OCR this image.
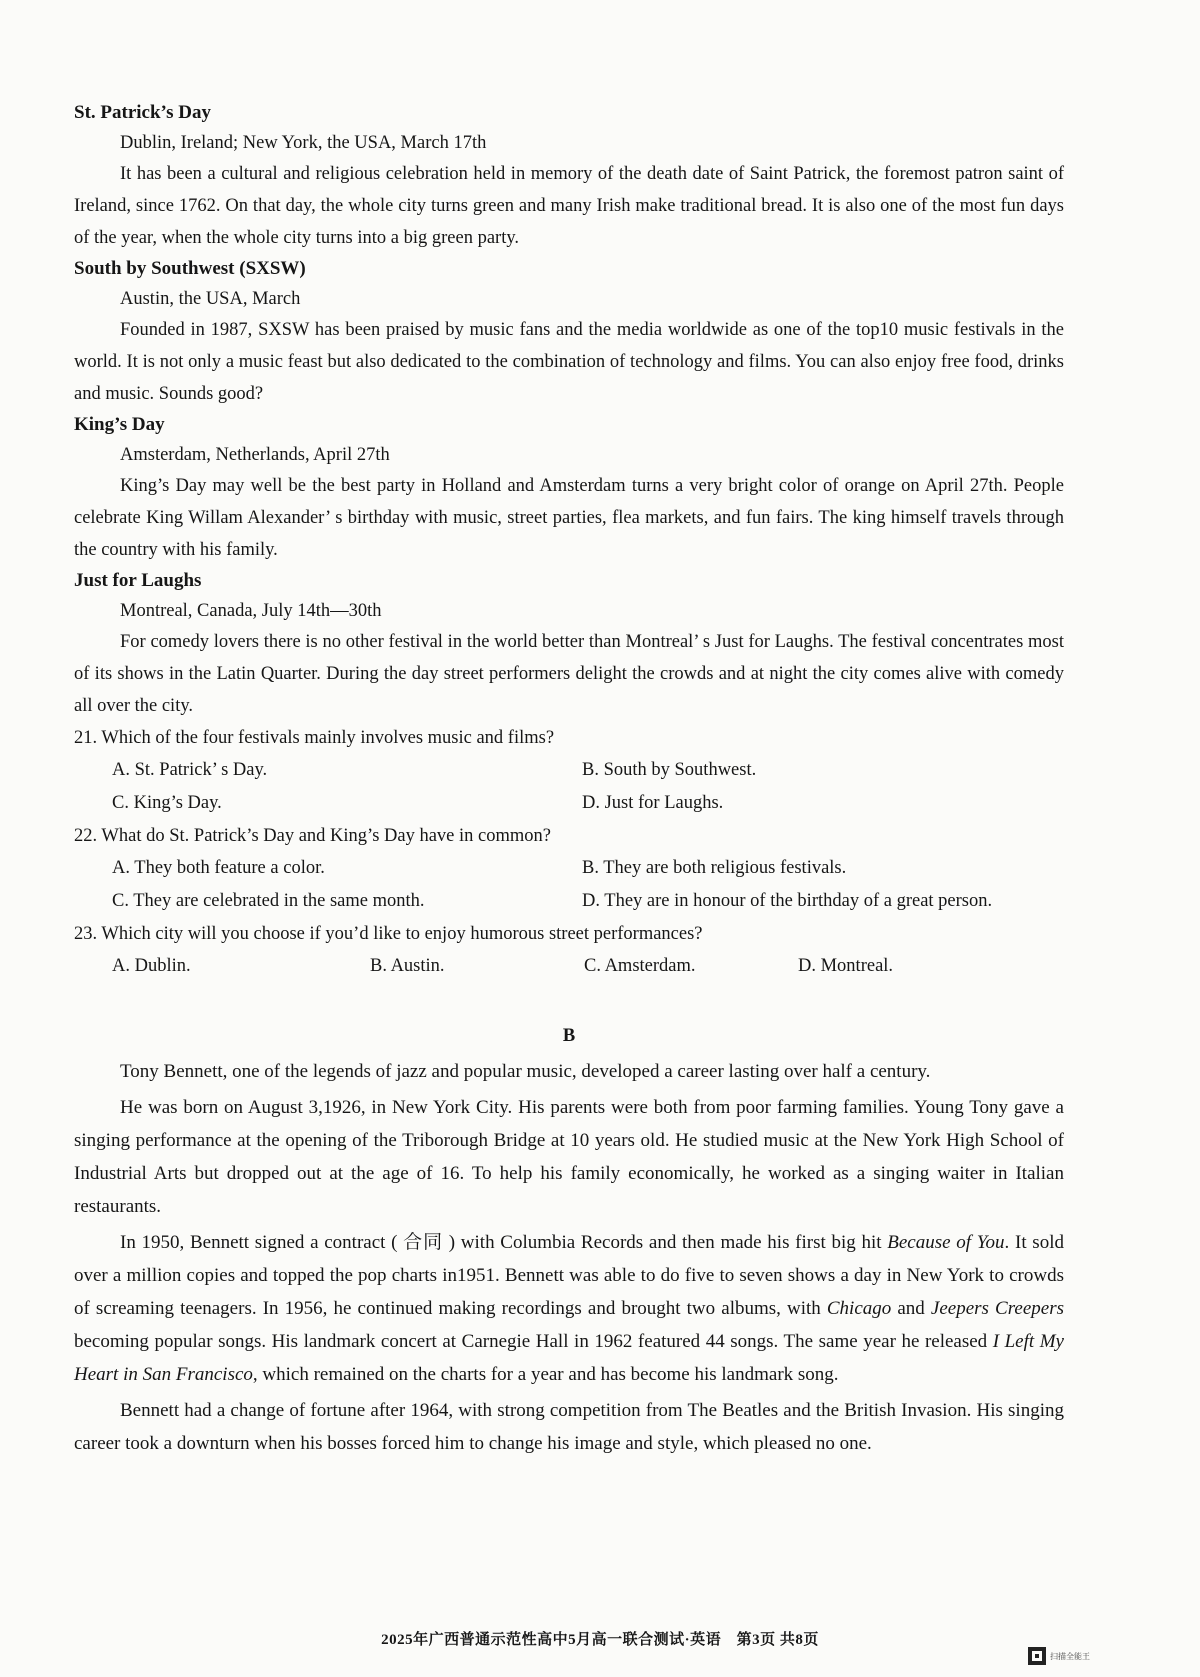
St. Patrick’s Day
Dublin, Ireland; New York, the USA, March 17th

It has been a cultural and religious celebration held in memory of the death date of Saint Patrick, the foremost patron saint of Ireland, since 1762. On that day, the whole city turns green and many Irish make traditional bread. It is also one of the most fun days of the year, when the whole city turns into a big green party.

South by Southwest (SXSW)
Austin, the USA, March

Founded in 1987, SXSW has been praised by music fans and the media worldwide as one of the top10 music festivals in the world. It is not only a music feast but also dedicated to the combination of technology and films. You can also enjoy free food, drinks and music. Sounds good?

King’s Day
Amsterdam, Netherlands, April 27th

King’s Day may well be the best party in Holland and Amsterdam turns a very bright color of orange on April 27th. People celebrate King Willam Alexander’ s birthday with music, street parties, flea markets, and fun fairs. The king himself travels through the country with his family.

Just for Laughs
Montreal, Canada, July 14th—30th

For comedy lovers there is no other festival in the world better than Montreal’ s Just for Laughs. The festival concentrates most of its shows in the Latin Quarter. During the day street performers delight the crowds and at night the city comes alive with comedy all over the city.

21. Which of the four festivals mainly involves music and films?
A. St. Patrick’ s Day.	B. South by Southwest.
C. King’s Day.	D. Just for Laughs.
22. What do St. Patrick’s Day and King’s Day have in common?
A. They both feature a color.	B. They are both religious festivals.
C. They are celebrated in the same month.	D. They are in honour of the birthday of a great person.
23. Which city will you choose if you’d like to enjoy humorous street performances?
A. Dublin.	B. Austin.	C. Amsterdam.	D. Montreal.
B

Tony Bennett, one of the legends of jazz and popular music, developed a career lasting over half a century.

He was born on August 3,1926, in New York City. His parents were both from poor farming families. Young Tony gave a singing performance at the opening of the Triborough Bridge at 10 years old. He studied music at the New York High School of Industrial Arts but dropped out at the age of 16. To help his family economically, he worked as a singing waiter in Italian restaurants.

In 1950, Bennett signed a contract ( 合同 ) with Columbia Records and then made his first big hit Because of You. It sold over a million copies and topped the pop charts in1951. Bennett was able to do five to seven shows a day in New York to crowds of screaming teenagers. In 1956, he continued making recordings and brought two albums, with Chicago and Jeepers Creepers becoming popular songs. His landmark concert at Carnegie Hall in 1962 featured 44 songs. The same year he released I Left My Heart in San Francisco, which remained on the charts for a year and has become his landmark song.

Bennett had a change of fortune after 1964, with strong competition from The Beatles and the British Invasion. His singing career took a downturn when his bosses forced him to change his image and style, which pleased no one.

2025年广西普通示范性高中5月高一联合测试·英语　第3页 共8页
扫描全能王
